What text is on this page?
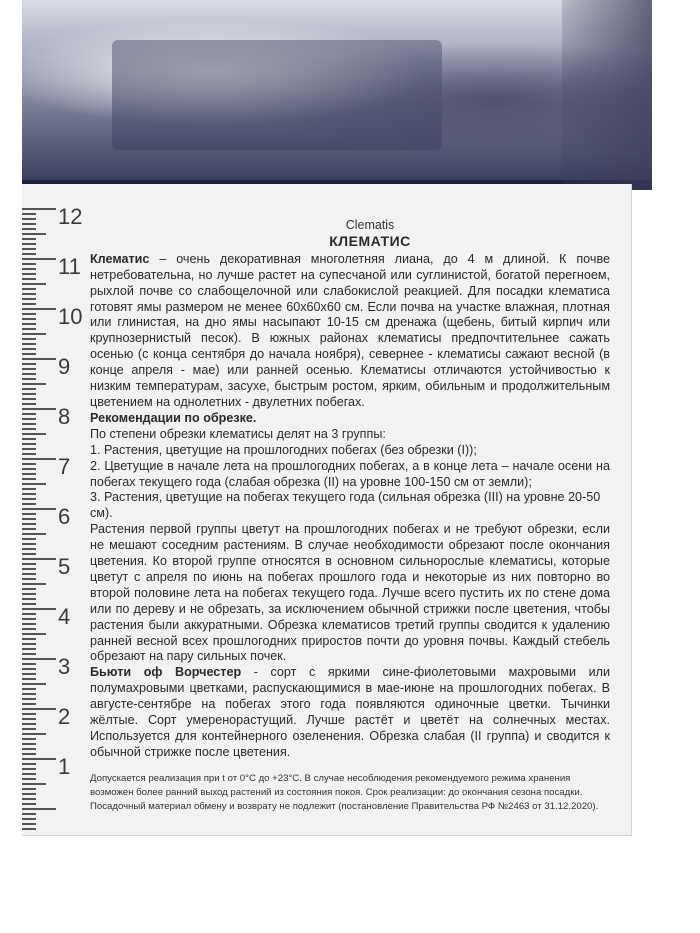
12
11
10
9
8
7
6
5
4
3
2
1
Clematis
КЛЕМАТИС

Клематис – очень декоративная многолетняя лиана, до 4 м длиной. К почве нетребовательна, но лучше растет на супесчаной или суглинистой, богатой перегноем, рыхлой почве со слабощелочной или слабокислой реакцией. Для посадки клематиса готовят ямы размером не менее 60х60х60 см. Если почва на участке влажная, плотная или глинистая, на дно ямы насыпают 10-15 см дренажа (щебень, битый кирпич или крупнозернистый песок). В южных районах клематисы предпочтительнее сажать осенью (с конца сентября до начала ноября), севернее - клематисы сажают весной (в конце апреля - мае) или ранней осенью. Клематисы отличаются устойчивостью к низким температурам, засухе, быстрым ростом, ярким, обильным и продолжительным цветением на однолетних - двулетних побегах.

Рекомендации по обрезке.
По степени обрезки клематисы делят на 3 группы:
1. Растения, цветущие на прошлогодних побегах (без обрезки (I));
2. Цветущие в начале лета на прошлогодних побегах, а в конце лета – начале осени на побегах текущего года (слабая обрезка (II) на уровне 100-150 см от земли);
3. Растения, цветущие на побегах текущего года (сильная обрезка (III) на уровне 20-50 см).

Растения первой группы цветут на прошлогодних побегах и не требуют обрезки, если не мешают соседним растениям. В случае необходимости обрезают после окончания цветения. Ко второй группе относятся в основном сильнорослые клематисы, которые цветут с апреля по июнь на побегах прошлого года и некоторые из них повторно во второй половине лета на побегах текущего года. Лучше всего пустить их по стене дома или по дереву и не обрезать, за исключением обычной стрижки после цветения, чтобы растения были аккуратными. Обрезка клематисов третий группы сводится к удалению ранней весной всех прошлогодних приростов почти до уровня почвы. Каждый стебель обрезают на пару сильных почек.

Бьюти оф Ворчестер - сорт с яркими сине-фиолетовыми махровыми или полумахровыми цветками, распускающимися в мае-июне на прошлогодних побегах. В августе-сентябре на побегах этого года появляются одиночные цветки. Тычинки жёлтые. Сорт умеренорастущий. Лучше растёт и цветёт на солнечных местах. Используется для контейнерного озеленения. Обрезка слабая (II группа) и сводится к обычной стрижке после цветения.

Допускается реализация при t от 0°С до +23°С. В случае несоблюдения рекомендуемого режима хранения возможен более ранний выход растений из состояния покоя. Срок реализации: до окончания сезона посадки. Посадочный материал обмену и возврату не подлежит (постановление Правительства РФ №2463 от 31.12.2020).
